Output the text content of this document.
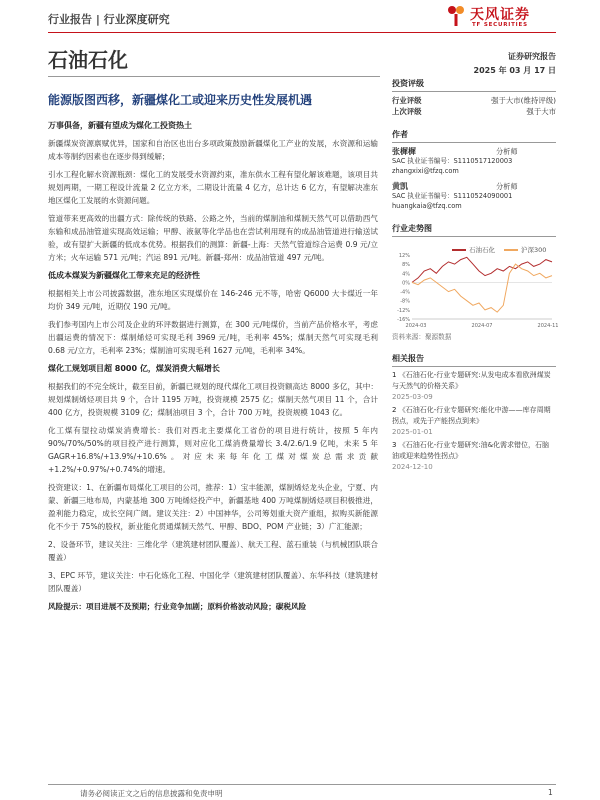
行业报告 | 行业深度研究	天风证券
TF SECURITIES
石油石化	证券研究报告
2025 年 03 月 17 日
能源版图西移，新疆煤化工或迎来历史性发展机遇
万事俱备，新疆有望成为煤化工投资热土

新疆煤炭资源禀赋优异，国家和自治区也出台多项政策鼓励新疆煤化工产业的发展，水资源和运输成本等制约因素也在逐步得到缓解；

引水工程化解水资源瓶颈：煤化工的发展受水资源约束，准东供水工程有望化解该难题，该项目共规划两期，一期工程设计流量 2 亿立方米，二期设计流量 4 亿方，总计达 6 亿方，有望解决准东地区煤化工发展的水资源问题。

管道带来更高效的出疆方式：除传统的铁路、公路之外，当前的煤制油和煤制天然气可以借助西气东输和成品油管道实现高效运输；甲醇、液氨等化学品也在尝试利用现有的成品油管道进行输送试验，或有望扩大新疆的低成本优势。根据我们的测算：新疆-上海：天然气管道综合运费 0.9 元/立方米；火车运输 571 元/吨；汽运 891 元/吨。新疆-郑州：成品油管道 497 元/吨。

低成本煤炭为新疆煤化工带来充足的经济性

根据相关上市公司披露数据，准东地区实现煤价在 146-246 元不等，哈密 Q6000 大卡煤近一年均价 349 元/吨，近期仅 190 元/吨。

我们参考国内上市公司及企业的环评数据进行测算，在 300 元/吨煤价，当前产品价格水平，考虑出疆运费的情况下：煤制烯烃可实现毛利 3969 元/吨，毛利率 45%；煤制天然气可实现毛利 0.68 元/立方，毛利率 23%；煤制油可实现毛利 1627 元/吨，毛利率 34%。

煤化工规划项目超 8000 亿，煤炭消费大幅增长

根据我们的不完全统计，截至目前，新疆已规划的现代煤化工项目投资额高达 8000 多亿，其中：规划煤制烯烃项目共 9 个，合计 1195 万吨，投资规模 2575 亿；煤制天然气项目 11 个，合计 400 亿方，投资规模 3109 亿；煤制油项目 3 个，合计 700 万吨，投资规模 1043 亿。

化工煤有望拉动煤炭消费增长：我们对西北主要煤化工省份的项目进行统计，按照 5 年内 90%/70%/50%的项目投产进行测算，则对应化工煤消费量增长 3.4/2.6/1.9 亿吨，未来 5 年 GAGR+16.8%/+13.9%/+10.6%。对应未来每年化工煤对煤炭总需求贡献+1.2%/+0.97%/+0.74%的增速。

投资建议：1、在新疆布局煤化工项目的公司，推荐：1）宝丰能源，煤制烯烃龙头企业，宁夏、内蒙、新疆三地布局，内蒙基地 300 万吨烯烃投产中，新疆基地 400 万吨煤制烯烃项目积极推进，盈利能力稳定，成长空间广阔。建议关注：2）中国神华，公司筹划重大资产重组，拟购买新能源化不少于 75%的股权，新业能化贯通煤制天然气、甲醇、BDO、POM 产业链；3）广汇能源；

2、设备环节，建议关注：三维化学（建筑建材团队覆盖）、航天工程、蓝石重装（与机械团队联合覆盖）

3、EPC 环节，建议关注：中石化炼化工程、中国化学（建筑建材团队覆盖）、东华科技（建筑建材团队覆盖）

风险提示：项目进展不及预期；行业竞争加剧；原料价格波动风险；碳税风险

投资评级
行业评级	强于大市(维持评级)
上次评级	强于大市
作者
张樨樨	分析师
SAC 执业证书编号：S1110517120003
zhangxixi@tfzq.com
黄凯	分析师
SAC 执业证书编号：S1110524090001
huangkaia@tfzq.com
行业走势图
石油石化	沪深300
12%
8%
4%
0%
-4%
-8%
-12%
-16%
2024-03	2024-07	2024-11
资料来源：聚源数据
相关报告
1 《石油石化-行业专题研究:从发电成本看欧洲煤炭与天然气的价格关系》
2025-03-09
2 《石油石化-行业专题研究:能化中游——库存周期拐点，或先于产能拐点到来》
2025-01-01
3 《石油石化-行业专题研究:油&化需求错位，石脑油或迎来趋势性拐点》
2024-12-10
请务必阅读正文之后的信息披露和免责申明	1
